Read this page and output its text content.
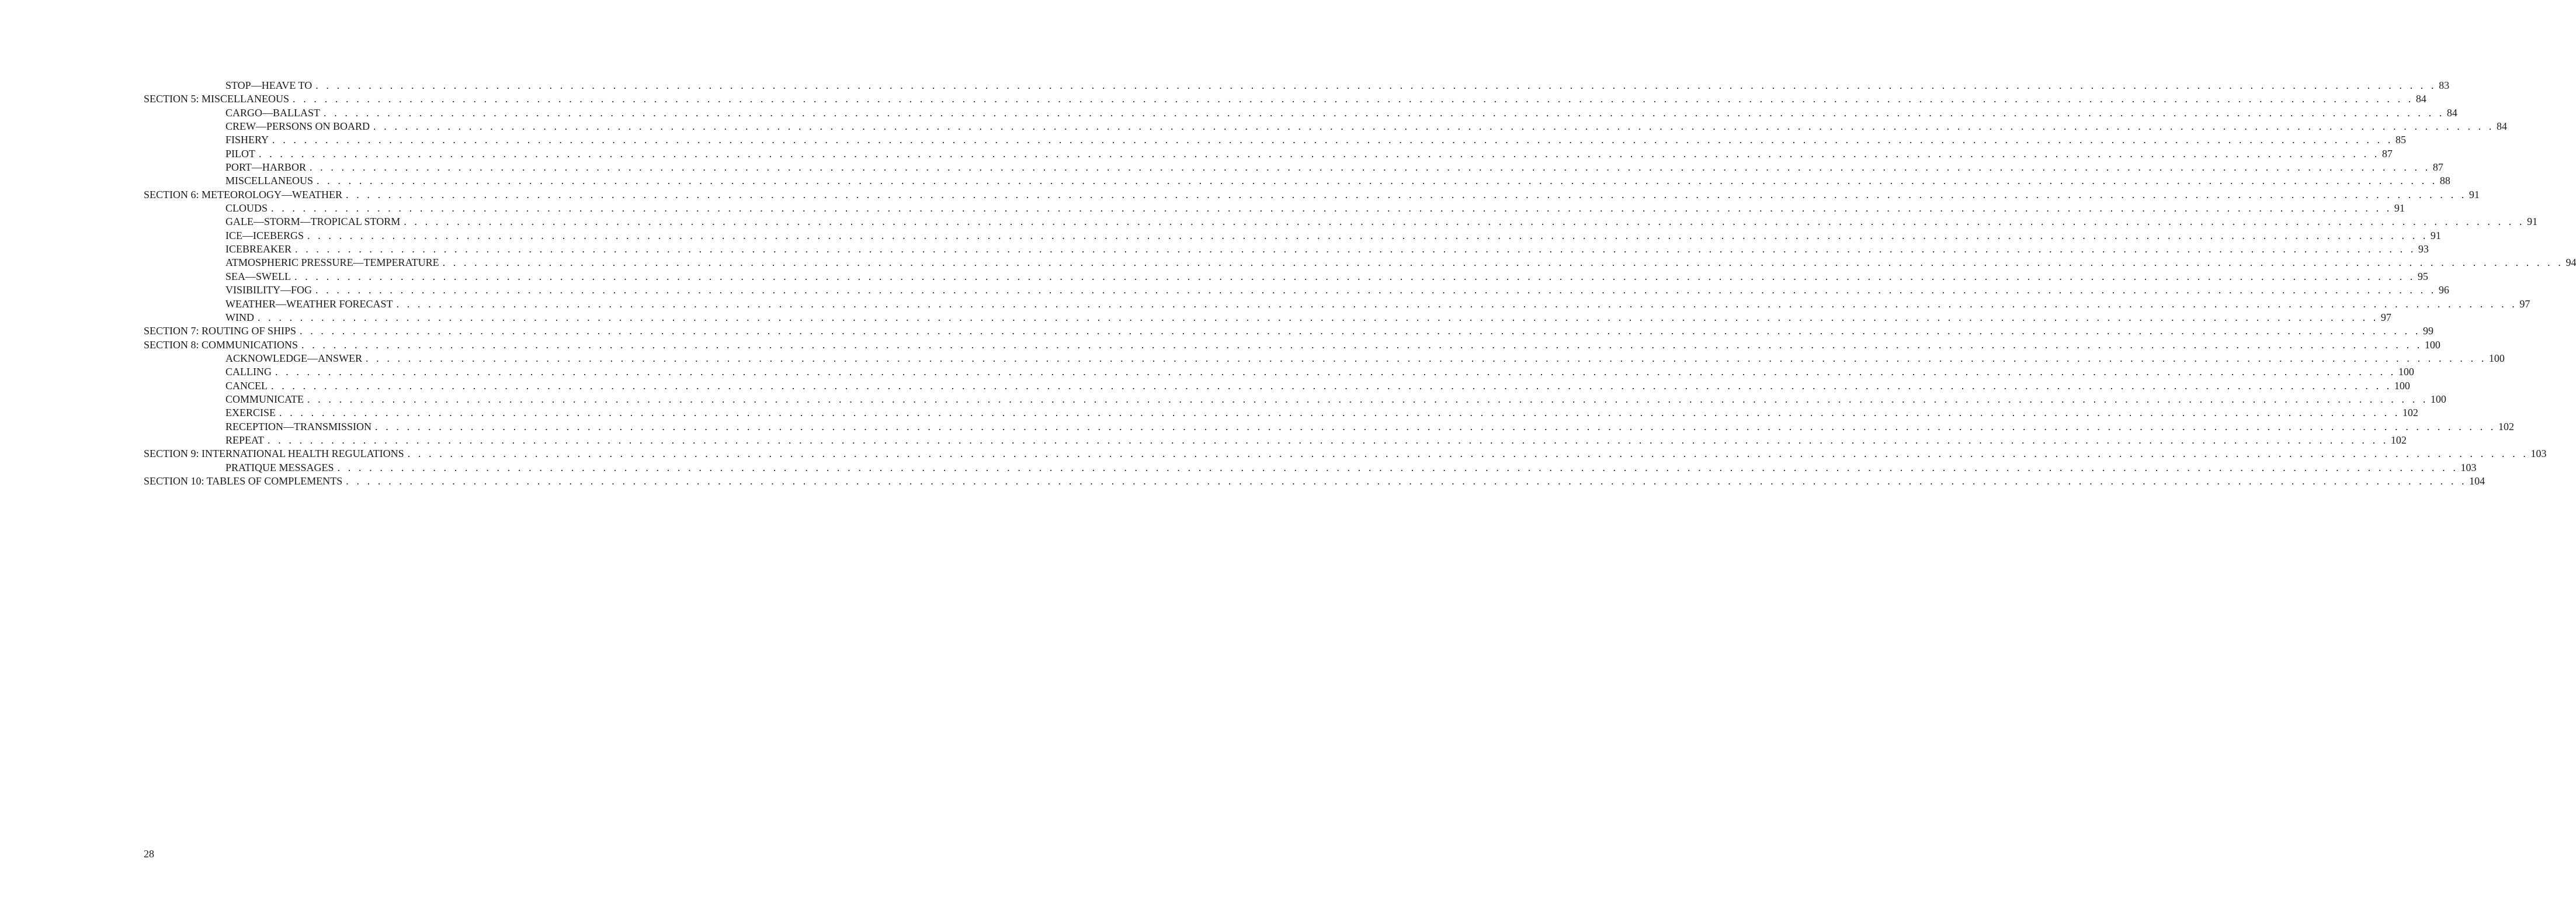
STOP—HEAVE TO . . . . . . . . . . . . . . . . . . . . . . . . . . . . . . . . . . . . . . . . . . . . . . . . . . . . . . . . . . . . . . . . . . . . . . . . . . . . . . . . . . . . . . . . . . . . . . . . . . . . . . . . . . . . . . . . . . . . . . . . . . . . . . . . . . . . . . . . . . . . . . . . . . . . . . . . . . . . . . . . . . . . . . . . . . . . . . . . . . . . . . . . . . . . . . . . . . . . . . . . 83
SECTION 5: MISCELLANEOUS . . . . . . . . . . . . . . . . . . . . . . . . . . . . . . . . . . . . . . . . . . . . . . . . . . . . . . . . . . . . . . . . . . . . . . . . . . . . . . . . . . . . . . . . . . . . . . . . . . . . . . . . . . . . . . . . . . . . . . . . . . . . . . . . . . . . . . . . . . . . . . . . . . . . . . . . . . . . . . . . . . . . . . . . . . . . . . . . . . . . . . . . . . . . . . . . . . . . . . . . 84
CARGO—BALLAST . . . . . . . . . . . . . . . . . . . . . . . . . . . . . . . . . . . . . . . . . . . . . . . . . . . . . . . . . . . . . . . . . . . . . . . . . . . . . . . . . . . . . . . . . . . . . . . . . . . . . . . . . . . . . . . . . . . . . . . . . . . . . . . . . . . . . . . . . . . . . . . . . . . . . . . . . . . . . . . . . . . . . . . . . . . . . . . . . . . . . . . . . . . . . . . . . . . . . . . . 84
CREW—PERSONS ON BOARD . . . . . . . . . . . . . . . . . . . . . . . . . . . . . . . . . . . . . . . . . . . . . . . . . . . . . . . . . . . . . . . . . . . . . . . . . . . . . . . . . . . . . . . . . . . . . . . . . . . . . . . . . . . . . . . . . . . . . . . . . . . . . . . . . . . . . . . . . . . . . . . . . . . . . . . . . . . . . . . . . . . . . . . . . . . . . . . . . . . . . . . . . . . . . . . . . . . . . . . . 84
FISHERY . . . . . . . . . . . . . . . . . . . . . . . . . . . . . . . . . . . . . . . . . . . . . . . . . . . . . . . . . . . . . . . . . . . . . . . . . . . . . . . . . . . . . . . . . . . . . . . . . . . . . . . . . . . . . . . . . . . . . . . . . . . . . . . . . . . . . . . . . . . . . . . . . . . . . . . . . . . . . . . . . . . . . . . . . . . . . . . . . . . . . . . . . . . . . . . . . . . . . . . . 85
PILOT . . . . . . . . . . . . . . . . . . . . . . . . . . . . . . . . . . . . . . . . . . . . . . . . . . . . . . . . . . . . . . . . . . . . . . . . . . . . . . . . . . . . . . . . . . . . . . . . . . . . . . . . . . . . . . . . . . . . . . . . . . . . . . . . . . . . . . . . . . . . . . . . . . . . . . . . . . . . . . . . . . . . . . . . . . . . . . . . . . . . . . . . . . . . . . . . . . . . . . . . 87
PORT—HARBOR . . . . . . . . . . . . . . . . . . . . . . . . . . . . . . . . . . . . . . . . . . . . . . . . . . . . . . . . . . . . . . . . . . . . . . . . . . . . . . . . . . . . . . . . . . . . . . . . . . . . . . . . . . . . . . . . . . . . . . . . . . . . . . . . . . . . . . . . . . . . . . . . . . . . . . . . . . . . . . . . . . . . . . . . . . . . . . . . . . . . . . . . . . . . . . . . . . . . . . . . 87
MISCELLANEOUS . . . . . . . . . . . . . . . . . . . . . . . . . . . . . . . . . . . . . . . . . . . . . . . . . . . . . . . . . . . . . . . . . . . . . . . . . . . . . . . . . . . . . . . . . . . . . . . . . . . . . . . . . . . . . . . . . . . . . . . . . . . . . . . . . . . . . . . . . . . . . . . . . . . . . . . . . . . . . . . . . . . . . . . . . . . . . . . . . . . . . . . . . . . . . . . . . . . . . . . . 88
SECTION 6: METEOROLOGY—WEATHER . . . . . . . . . . . . . . . . . . . . . . . . . . . . . . . . . . . . . . . . . . . . . . . . . . . . . . . . . . . . . . . . . . . . . . . . . . . . . . . . . . . . . . . . . . . . . . . . . . . . . . . . . . . . . . . . . . . . . . . . . . . . . . . . . . . . . . . . . . . . . . . . . . . . . . . . . . . . . . . . . . . . . . . . . . . . . . . . . . . . . . . . . . . . . . . . . . . . . . . . 91
CLOUDS . . . . . . . . . . . . . . . . . . . . . . . . . . . . . . . . . . . . . . . . . . . . . . . . . . . . . . . . . . . . . . . . . . . . . . . . . . . . . . . . . . . . . . . . . . . . . . . . . . . . . . . . . . . . . . . . . . . . . . . . . . . . . . . . . . . . . . . . . . . . . . . . . . . . . . . . . . . . . . . . . . . . . . . . . . . . . . . . . . . . . . . . . . . . . . . . . . . . . . . . 91
GALE—STORM—TROPICAL STORM . . . . . . . . . . . . . . . . . . . . . . . . . . . . . . . . . . . . . . . . . . . . . . . . . . . . . . . . . . . . . . . . . . . . . . . . . . . . . . . . . . . . . . . . . . . . . . . . . . . . . . . . . . . . . . . . . . . . . . . . . . . . . . . . . . . . . . . . . . . . . . . . . . . . . . . . . . . . . . . . . . . . . . . . . . . . . . . . . . . . . . . . . . . . . . . . . . . . . . . . 91
ICE—ICEBERGS . . . . . . . . . . . . . . . . . . . . . . . . . . . . . . . . . . . . . . . . . . . . . . . . . . . . . . . . . . . . . . . . . . . . . . . . . . . . . . . . . . . . . . . . . . . . . . . . . . . . . . . . . . . . . . . . . . . . . . . . . . . . . . . . . . . . . . . . . . . . . . . . . . . . . . . . . . . . . . . . . . . . . . . . . . . . . . . . . . . . . . . . . . . . . . . . . . . . . . . . 91
ICEBREAKER . . . . . . . . . . . . . . . . . . . . . . . . . . . . . . . . . . . . . . . . . . . . . . . . . . . . . . . . . . . . . . . . . . . . . . . . . . . . . . . . . . . . . . . . . . . . . . . . . . . . . . . . . . . . . . . . . . . . . . . . . . . . . . . . . . . . . . . . . . . . . . . . . . . . . . . . . . . . . . . . . . . . . . . . . . . . . . . . . . . . . . . . . . . . . . . . . . . . . . . . 93
ATMOSPHERIC PRESSURE—TEMPERATURE . . . . . . . . . . . . . . . . . . . . . . . . . . . . . . . . . . . . . . . . . . . . . . . . . . . . . . . . . . . . . . . . . . . . . . . . . . . . . . . . . . . . . . . . . . . . . . . . . . . . . . . . . . . . . . . . . . . . . . . . . . . . . . . . . . . . . . . . . . . . . . . . . . . . . . . . . . . . . . . . . . . . . . . . . . . . . . . . . . . . . . . . . . . . . . . . . . . . . . . . 94
SEA—SWELL . . . . . . . . . . . . . . . . . . . . . . . . . . . . . . . . . . . . . . . . . . . . . . . . . . . . . . . . . . . . . . . . . . . . . . . . . . . . . . . . . . . . . . . . . . . . . . . . . . . . . . . . . . . . . . . . . . . . . . . . . . . . . . . . . . . . . . . . . . . . . . . . . . . . . . . . . . . . . . . . . . . . . . . . . . . . . . . . . . . . . . . . . . . . . . . . . . . . . . . . 95
VISIBILITY—FOG . . . . . . . . . . . . . . . . . . . . . . . . . . . . . . . . . . . . . . . . . . . . . . . . . . . . . . . . . . . . . . . . . . . . . . . . . . . . . . . . . . . . . . . . . . . . . . . . . . . . . . . . . . . . . . . . . . . . . . . . . . . . . . . . . . . . . . . . . . . . . . . . . . . . . . . . . . . . . . . . . . . . . . . . . . . . . . . . . . . . . . . . . . . . . . . . . . . . . . . . 96
WEATHER—WEATHER FORECAST . . . . . . . . . . . . . . . . . . . . . . . . . . . . . . . . . . . . . . . . . . . . . . . . . . . . . . . . . . . . . . . . . . . . . . . . . . . . . . . . . . . . . . . . . . . . . . . . . . . . . . . . . . . . . . . . . . . . . . . . . . . . . . . . . . . . . . . . . . . . . . . . . . . . . . . . . . . . . . . . . . . . . . . . . . . . . . . . . . . . . . . . . . . . . . . . . . . . . . . . 97
WIND . . . . . . . . . . . . . . . . . . . . . . . . . . . . . . . . . . . . . . . . . . . . . . . . . . . . . . . . . . . . . . . . . . . . . . . . . . . . . . . . . . . . . . . . . . . . . . . . . . . . . . . . . . . . . . . . . . . . . . . . . . . . . . . . . . . . . . . . . . . . . . . . . . . . . . . . . . . . . . . . . . . . . . . . . . . . . . . . . . . . . . . . . . . . . . . . . . . . . . . . 97
SECTION 7: ROUTING OF SHIPS . . . . . . . . . . . . . . . . . . . . . . . . . . . . . . . . . . . . . . . . . . . . . . . . . . . . . . . . . . . . . . . . . . . . . . . . . . . . . . . . . . . . . . . . . . . . . . . . . . . . . . . . . . . . . . . . . . . . . . . . . . . . . . . . . . . . . . . . . . . . . . . . . . . . . . . . . . . . . . . . . . . . . . . . . . . . . . . . . . . . . . . . . . . . . . . . . . . . . . . . 99
SECTION 8: COMMUNICATIONS . . . . . . . . . . . . . . . . . . . . . . . . . . . . . . . . . . . . . . . . . . . . . . . . . . . . . . . . . . . . . . . . . . . . . . . . . . . . . . . . . . . . . . . . . . . . . . . . . . . . . . . . . . . . . . . . . . . . . . . . . . . . . . . . . . . . . . . . . . . . . . . . . . . . . . . . . . . . . . . . . . . . . . . . . . . . . . . . . . . . . . . . . . . . . . . . . . . . . . . . 100
ACKNOWLEDGE—ANSWER . . . . . . . . . . . . . . . . . . . . . . . . . . . . . . . . . . . . . . . . . . . . . . . . . . . . . . . . . . . . . . . . . . . . . . . . . . . . . . . . . . . . . . . . . . . . . . . . . . . . . . . . . . . . . . . . . . . . . . . . . . . . . . . . . . . . . . . . . . . . . . . . . . . . . . . . . . . . . . . . . . . . . . . . . . . . . . . . . . . . . . . . . . . . . . . . . . . . . . . . 100
CALLING . . . . . . . . . . . . . . . . . . . . . . . . . . . . . . . . . . . . . . . . . . . . . . . . . . . . . . . . . . . . . . . . . . . . . . . . . . . . . . . . . . . . . . . . . . . . . . . . . . . . . . . . . . . . . . . . . . . . . . . . . . . . . . . . . . . . . . . . . . . . . . . . . . . . . . . . . . . . . . . . . . . . . . . . . . . . . . . . . . . . . . . . . . . . . . . . . . . . . . . . 100
CANCEL . . . . . . . . . . . . . . . . . . . . . . . . . . . . . . . . . . . . . . . . . . . . . . . . . . . . . . . . . . . . . . . . . . . . . . . . . . . . . . . . . . . . . . . . . . . . . . . . . . . . . . . . . . . . . . . . . . . . . . . . . . . . . . . . . . . . . . . . . . . . . . . . . . . . . . . . . . . . . . . . . . . . . . . . . . . . . . . . . . . . . . . . . . . . . . . . . . . . . . . . 100
COMMUNICATE . . . . . . . . . . . . . . . . . . . . . . . . . . . . . . . . . . . . . . . . . . . . . . . . . . . . . . . . . . . . . . . . . . . . . . . . . . . . . . . . . . . . . . . . . . . . . . . . . . . . . . . . . . . . . . . . . . . . . . . . . . . . . . . . . . . . . . . . . . . . . . . . . . . . . . . . . . . . . . . . . . . . . . . . . . . . . . . . . . . . . . . . . . . . . . . . . . . . . . . . 100
EXERCISE . . . . . . . . . . . . . . . . . . . . . . . . . . . . . . . . . . . . . . . . . . . . . . . . . . . . . . . . . . . . . . . . . . . . . . . . . . . . . . . . . . . . . . . . . . . . . . . . . . . . . . . . . . . . . . . . . . . . . . . . . . . . . . . . . . . . . . . . . . . . . . . . . . . . . . . . . . . . . . . . . . . . . . . . . . . . . . . . . . . . . . . . . . . . . . . . . . . . . . . . 102
RECEPTION—TRANSMISSION . . . . . . . . . . . . . . . . . . . . . . . . . . . . . . . . . . . . . . . . . . . . . . . . . . . . . . . . . . . . . . . . . . . . . . . . . . . . . . . . . . . . . . . . . . . . . . . . . . . . . . . . . . . . . . . . . . . . . . . . . . . . . . . . . . . . . . . . . . . . . . . . . . . . . . . . . . . . . . . . . . . . . . . . . . . . . . . . . . . . . . . . . . . . . . . . . . . . . . . . 102
REPEAT . . . . . . . . . . . . . . . . . . . . . . . . . . . . . . . . . . . . . . . . . . . . . . . . . . . . . . . . . . . . . . . . . . . . . . . . . . . . . . . . . . . . . . . . . . . . . . . . . . . . . . . . . . . . . . . . . . . . . . . . . . . . . . . . . . . . . . . . . . . . . . . . . . . . . . . . . . . . . . . . . . . . . . . . . . . . . . . . . . . . . . . . . . . . . . . . . . . . . . . . 102
SECTION 9: INTERNATIONAL HEALTH REGULATIONS . . . . . . . . . . . . . . . . . . . . . . . . . . . . . . . . . . . . . . . . . . . . . . . . . . . . . . . . . . . . . . . . . . . . . . . . . . . . . . . . . . . . . . . . . . . . . . . . . . . . . . . . . . . . . . . . . . . . . . . . . . . . . . . . . . . . . . . . . . . . . . . . . . . . . . . . . . . . . . . . . . . . . . . . . . . . . . . . . . . . . . . . . . . . . . . . . . . . . . . . 103
PRATIQUE MESSAGES . . . . . . . . . . . . . . . . . . . . . . . . . . . . . . . . . . . . . . . . . . . . . . . . . . . . . . . . . . . . . . . . . . . . . . . . . . . . . . . . . . . . . . . . . . . . . . . . . . . . . . . . . . . . . . . . . . . . . . . . . . . . . . . . . . . . . . . . . . . . . . . . . . . . . . . . . . . . . . . . . . . . . . . . . . . . . . . . . . . . . . . . . . . . . . . . . . . . . . . . 103
SECTION 10: TABLES OF COMPLEMENTS . . . . . . . . . . . . . . . . . . . . . . . . . . . . . . . . . . . . . . . . . . . . . . . . . . . . . . . . . . . . . . . . . . . . . . . . . . . . . . . . . . . . . . . . . . . . . . . . . . . . . . . . . . . . . . . . . . . . . . . . . . . . . . . . . . . . . . . . . . . . . . . . . . . . . . . . . . . . . . . . . . . . . . . . . . . . . . . . . . . . . . . . . . . . . . . . . . . . . . . . 104
28
